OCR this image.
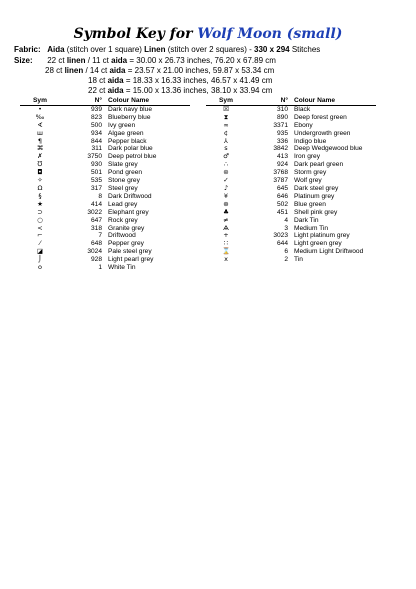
Symbol Key for Wolf Moon (small)
Fabric: Aida (stitch over 1 square) Linen (stitch over 2 squares) - 330 x 294 Stitches
Size: 22 ct linen / 11 ct aida = 30.00 x 26.73 inches, 76.20 x 67.89 cm
28 ct linen / 14 ct aida = 23.57 x 21.00 inches, 59.87 x 53.34 cm
18 ct aida = 18.33 x 16.33 inches, 46.57 x 41.49 cm
22 ct aida = 15.00 x 13.36 inches, 38.10 x 33.94 cm
Sym	N°	Colour Name
•	939	Dark navy blue
‰	823	Blueberry blue
∢	500	Ivy green
ш	934	Algae green
¶	844	Pepper black
⌘	311	Dark polar blue
✗	3750	Deep petrol blue
℧	930	Slate grey
◘	501	Pond green
✧	535	Stone grey
Ω	317	Steel grey
§	8	Dark Driftwood
★	414	Lead grey
⊃	3022	Elephant grey
○	647	Rock grey
<	318	Granite grey
⌐	7	Driftwood
⁄	648	Pepper grey
◪	3024	Pale steel grey
⌡	928	Light pearl grey
o	1	White Tin
Sym	N°	Colour Name
☒	310	Black
⧗	890	Deep forest green
∞	3371	Ebony
¢	935	Undergrowth green
⅄	336	Indigo blue
ꜱ	3842	Deep Wedgewood blue
♂	413	Iron grey
∴	924	Dark pearl green
⊜	3768	Storm grey
✓	3787	Wolf grey
♪	645	Dark steel grey
¥	646	Platinum grey
⊛	502	Blue green
♣	451	Shell pink grey
≠	4	Dark Tin
Ѧ	3	Medium Tin
+	3023	Light platinum grey
∷	644	Light green grey
⌛	6	Medium Light Driftwood
x	2	Tin
